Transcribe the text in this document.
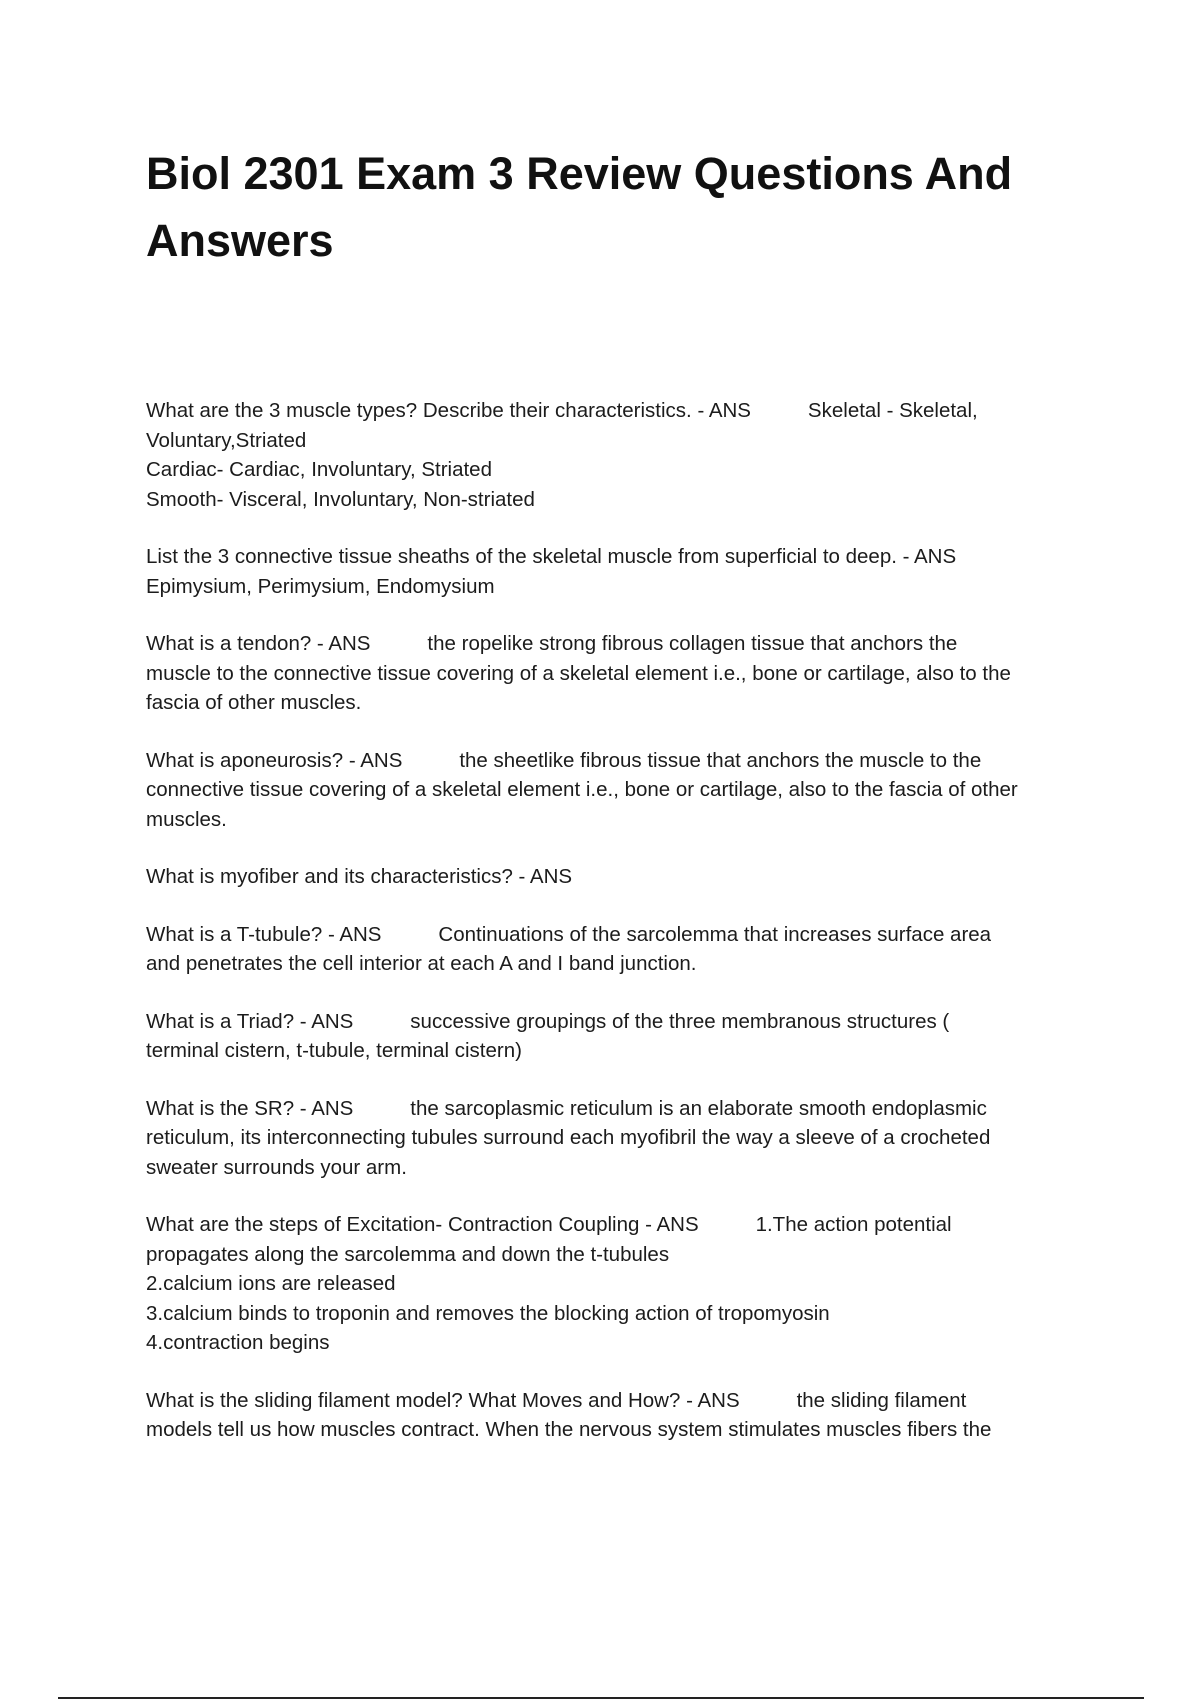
Biol 2301 Exam 3 Review Questions And
Answers
What are the 3 muscle types? Describe their characteristics. - ANS          Skeletal - Skeletal,
Voluntary,Striated
Cardiac- Cardiac, Involuntary, Striated
Smooth- Visceral, Involuntary, Non-striated
List the 3 connective tissue sheaths of the skeletal muscle from superficial to deep. - ANS
Epimysium, Perimysium, Endomysium
What is a tendon? - ANS          the ropelike strong fibrous collagen tissue that anchors the
muscle to the connective tissue covering of a skeletal element i.e., bone or cartilage, also to the
fascia of other muscles.
What is aponeurosis? - ANS          the sheetlike fibrous tissue that anchors the muscle to the
connective tissue covering of a skeletal element i.e., bone or cartilage, also to the fascia of other
muscles.
What is myofiber and its characteristics? - ANS
What is a T-tubule? - ANS          Continuations of the sarcolemma that increases surface area
and penetrates the cell interior at each A and I band junction.
What is a Triad? - ANS          successive groupings of the three membranous structures (
terminal cistern, t-tubule, terminal cistern)
What is the SR? - ANS          the sarcoplasmic reticulum is an elaborate smooth endoplasmic
reticulum, its interconnecting tubules surround each myofibril the way a sleeve of a crocheted
sweater surrounds your arm.
What are the steps of Excitation- Contraction Coupling - ANS          1.The action potential
propagates along the sarcolemma and down the t-tubules
2.calcium ions are released
3.calcium binds to troponin and removes the blocking action of tropomyosin
4.contraction begins
What is the sliding filament model? What Moves and How? - ANS          the sliding filament
models tell us how muscles contract. When the nervous system stimulates muscles fibers the
